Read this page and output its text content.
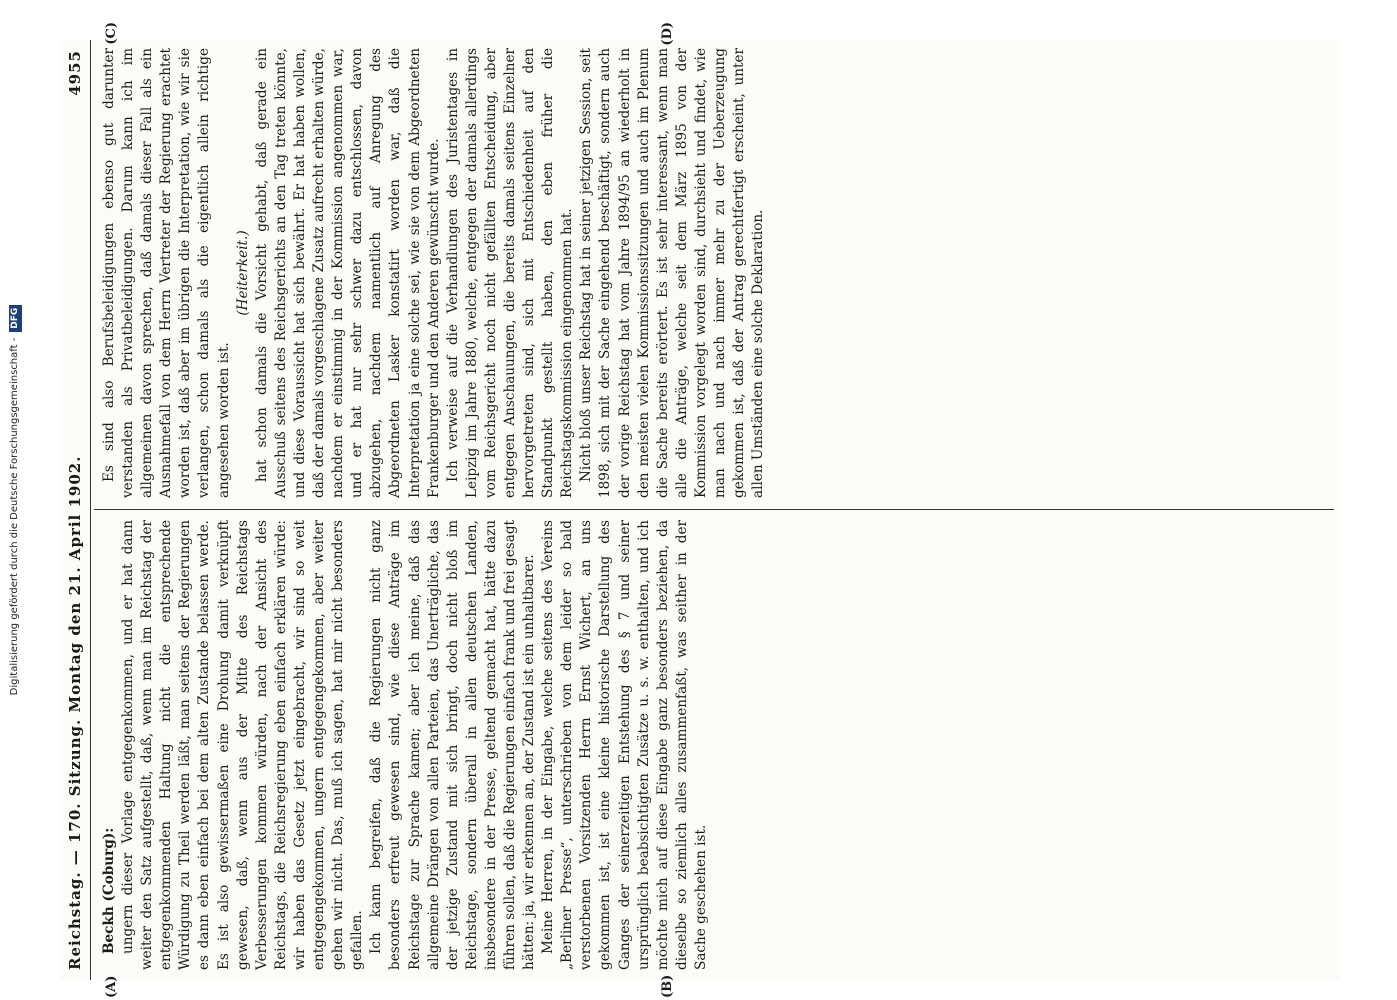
Reichstag. — 170. Sitzung. Montag den 21. April 1902.
4955

Beckh (Coburg): ungern dieser Vorlage entgegenkommen, und er hat dann weiter den Satz aufgestellt, daß, wenn man im Reichstag der entgegenkommenden Haltung nicht die entsprechende Würdigung zu Theil werden läßt, man seitens der Regierungen es dann eben einfach bei dem alten Zustande belassen werde. Es ist also gewissermaßen eine Drohung damit verknüpft gewesen, daß, wenn aus der Mitte des Reichstags Verbesserungen kommen würden, nach der Ansicht des Reichstags, die Reichsregierung eben einfach erklären würde: wir haben das Gesetz jetzt eingebracht, wir sind so weit entgegengekommen, ungern entgegengekommen, aber weiter gehen wir nicht. Das, muß ich sagen, hat mir nicht besonders gefallen. Ich kann begreifen, daß die Regierungen nicht ganz besonders erfreut gewesen sind, wie diese Anträge im Reichstage zur Sprache kamen; aber ich meine, daß das allgemeine Drängen von allen Parteien, das Unerträgliche, das der jetzige Zustand mit sich bringt, doch nicht bloß im Reichstage, sondern überall in allen deutschen Landen, insbesondere in der Presse, geltend gemacht hat, hätte dazu führen sollen, daß die Regierungen einfach frank und frei gesagt hätten: ja, wir erkennen an, der Zustand ist ein unhaltbarer. Meine Herren, in der Eingabe, welche seitens des Vereins „Berliner Presse“, unterschrieben von dem leider so bald verstorbenen Vorsitzenden Herrn Ernst Wichert, an uns gekommen ist, ist eine kleine historische Darstellung des Ganges der seinerzeitigen Entstehung des § 7 und seiner ursprünglich beabsichtigten Zusätze u. s. w. enthalten, und ich möchte mich auf diese Eingabe ganz besonders beziehen, da dieselbe so ziemlich alles zusammenfaßt, was seither in der Sache geschehen ist.

Es sind also Berufsbeleidigungen ebenso gut darunter verstanden als Privatbeleidigungen. Darum kann ich im allgemeinen davon sprechen, daß damals dieser Fall als ein Ausnahmefall von dem Herrn Vertreter der Regierung erachtet worden ist, daß aber im übrigen die Interpretation, wie wir sie verlangen, schon damals als die eigentlich allein richtige angesehen worden ist.

(Heiterkeit.) hat schon damals die Vorsicht gehabt, daß gerade ein Ausschuß seitens des Reichsgerichts an den Tag treten könnte, und diese Voraussicht hat sich bewährt. Er hat haben wollen, daß der damals vorgeschlagene Zusatz aufrecht erhalten würde, nachdem er einstimmig in der Kommission angenommen war, und er hat nur sehr schwer dazu entschlossen, davon abzugehen, nachdem namentlich auf Anregung des Abgeordneten Lasker konstatirt worden war, daß die Interpretation ja eine solche sei, wie sie von dem Abgeordneten Frankenburger und den Anderen gewünscht wurde. Ich verweise auf die Verhandlungen des Juristentages in Leipzig im Jahre 1880, welche, entgegen der damals allerdings vom Reichsgericht noch nicht gefällten Entscheidung, aber entgegen Anschauungen, die bereits damals seitens Einzelner hervorgetreten sind, sich mit Entschiedenheit auf den Standpunkt gestellt haben, den eben früher die Reichstagskommission eingenommen hat. Nicht bloß unser Reichstag hat in seiner jetzigen Session, seit 1898, sich mit der Sache eingehend beschäftigt, sondern auch der vorige Reichstag hat vom Jahre 1894/95 an wiederholt in den meisten vielen Kommissionssitzungen und auch im Plenum die Sache bereits erörtert. Es ist sehr interessant, wenn man alle die Anträge, welche seit dem März 1895 von der Kommission vorgelegt worden sind, durchsieht und findet, wie man nach und nach immer mehr zu der Ueberzeugung gekommen ist, daß der Antrag gerechtfertigt erscheint, unter allen Umständen eine solche Deklaration.

(A)	(B)
(C)	(D)
Digitalisierung gefördert durch die Deutsche Forschungsgemeinschaft -
DFG
